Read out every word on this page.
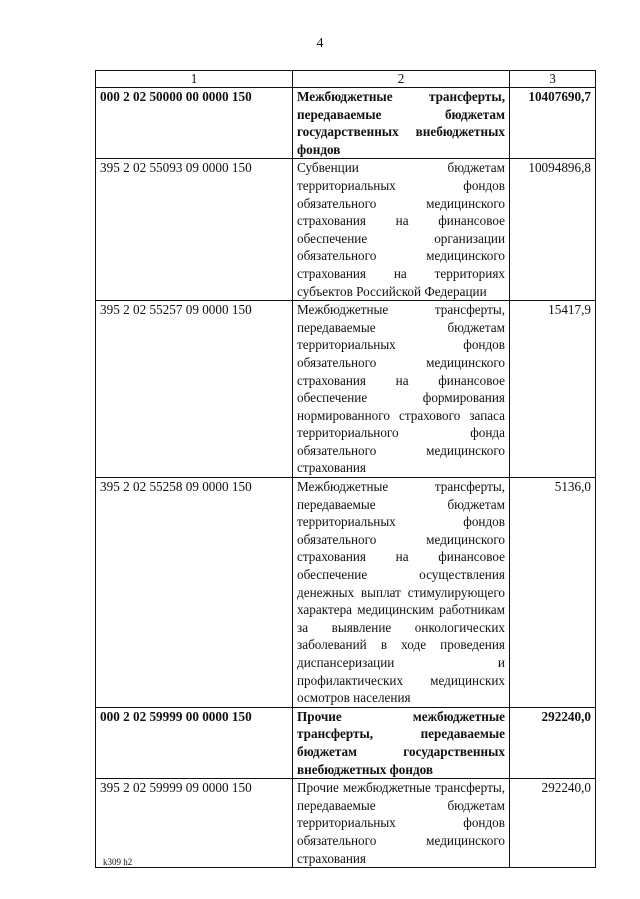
4
1	2	3
000 2 02 50000 00 0000 150	Межбюджетные трансферты, передаваемые бюджетам государственных внебюджетных фондов	10407690,7
395 2 02 55093 09 0000 150	Субвенции бюджетам территориальных фондов обязательного медицинского страхования на финансовое обеспечение организации обязательного медицинского страхования на территориях субъектов Российской Федерации	10094896,8
395 2 02 55257 09 0000 150	Межбюджетные трансферты, передаваемые бюджетам территориальных фондов обязательного медицинского страхования на финансовое обеспечение формирования нормированного страхового запаса территориального фонда обязательного медицинского страхования	15417,9
395 2 02 55258 09 0000 150	Межбюджетные трансферты, передаваемые бюджетам территориальных фондов обязательного медицинского страхования на финансовое обеспечение осуществления денежных выплат стимулирующего характера медицинским работникам за выявление онкологических заболеваний в ходе проведения диспансеризации и профилактических медицинских осмотров населения	5136,0
000 2 02 59999 00 0000 150	Прочие межбюджетные трансферты, передаваемые бюджетам государственных внебюджетных фондов	292240,0
395 2 02 59999 09 0000 150	Прочие межбюджетные трансферты, передаваемые бюджетам территориальных фондов обязательного медицинского страхования	292240,0
k309 h2
